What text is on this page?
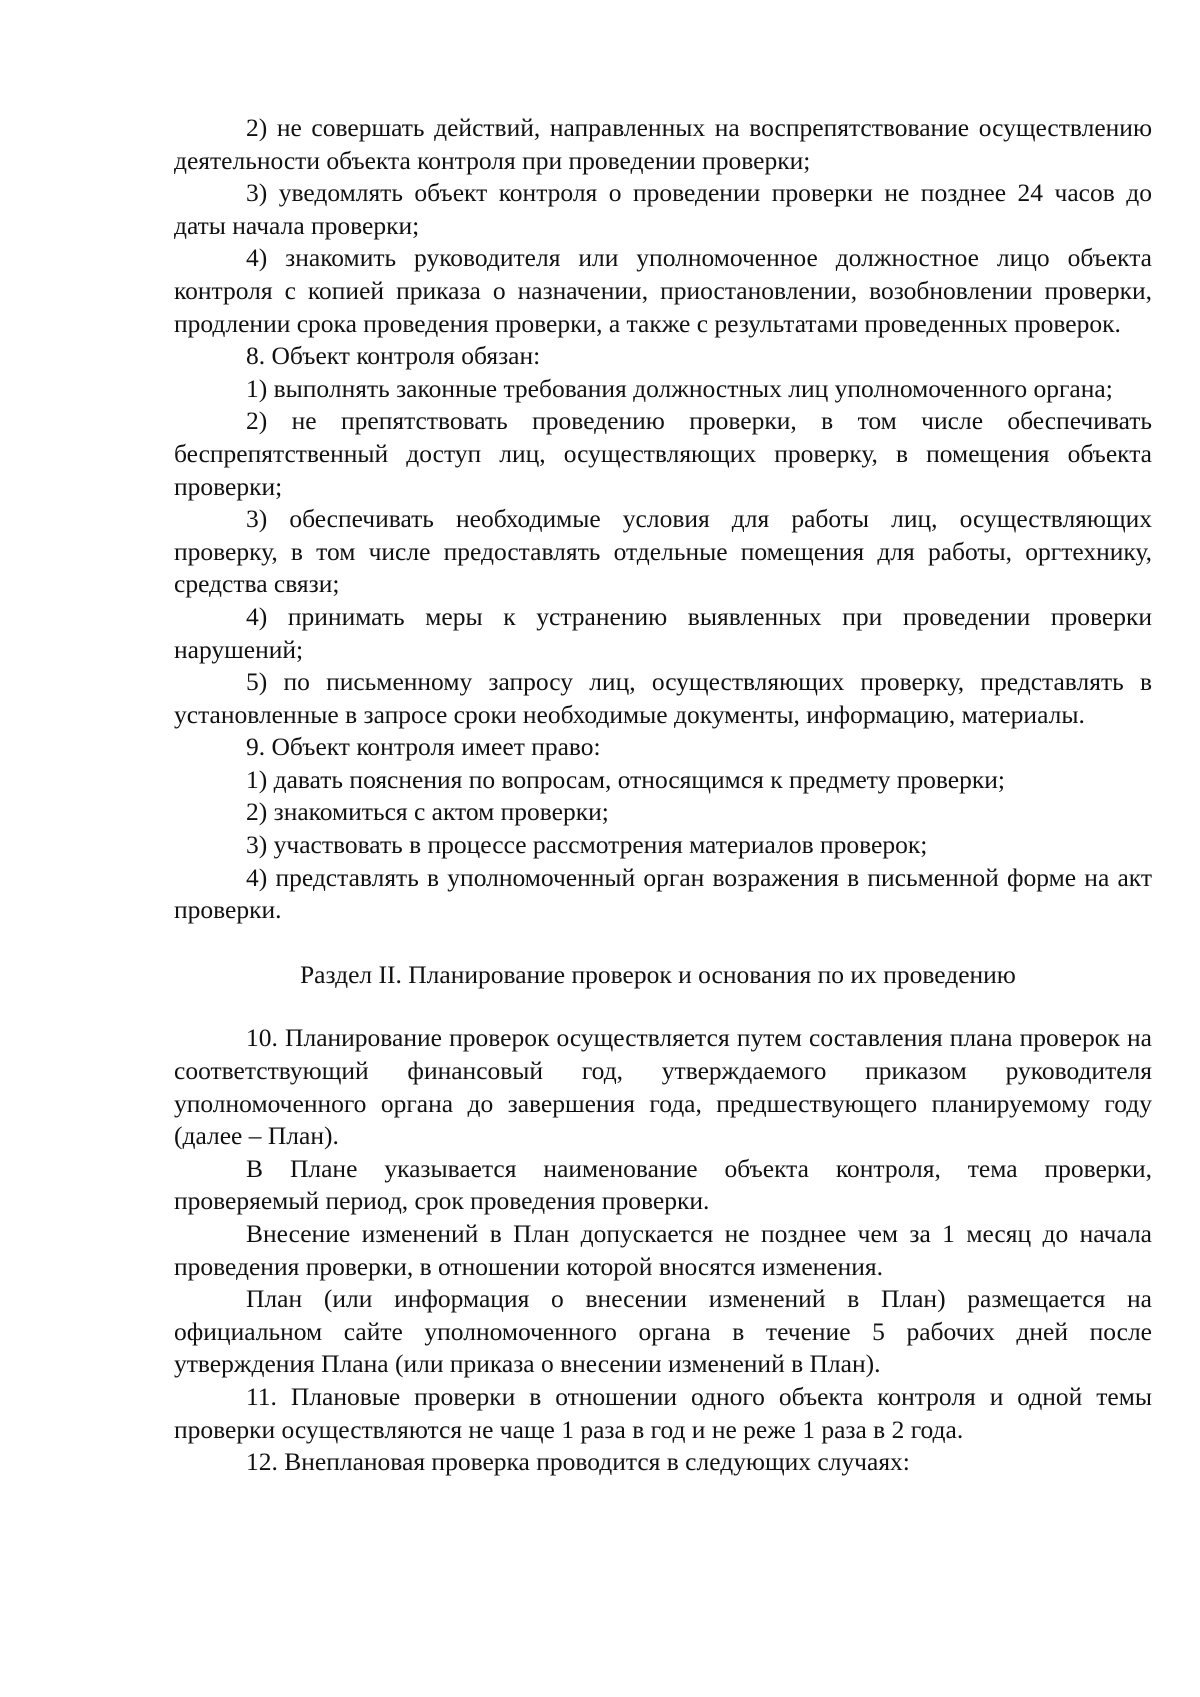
2) не совершать действий, направленных на воспрепятствование осуществлению деятельности объекта контроля при проведении проверки;

3) уведомлять объект контроля о проведении проверки не позднее 24 часов до даты начала проверки;

4) знакомить руководителя или уполномоченное должностное лицо объекта контроля с копией приказа о назначении, приостановлении, возобновлении проверки, продлении срока проведения проверки, а также с результатами проведенных проверок.

8. Объект контроля обязан:

1) выполнять законные требования должностных лиц уполномоченного органа;

2) не препятствовать проведению проверки, в том числе обеспечивать беспрепятственный доступ лиц, осуществляющих проверку, в помещения объекта проверки;

3) обеспечивать необходимые условия для работы лиц, осуществляющих проверку, в том числе предоставлять отдельные помещения для работы, оргтехнику, средства связи;

4) принимать меры к устранению выявленных при проведении проверки нарушений;

5) по письменному запросу лиц, осуществляющих проверку, представлять в установленные в запросе сроки необходимые документы, информацию, материалы.

9. Объект контроля имеет право:

1) давать пояснения по вопросам, относящимся к предмету проверки;

2) знакомиться с актом проверки;

3) участвовать в процессе рассмотрения материалов проверок;

4) представлять в уполномоченный орган возражения в письменной форме на акт проверки.

Раздел II. Планирование проверок и основания по их проведению

10. Планирование проверок осуществляется путем составления плана проверок на соответствующий финансовый год, утверждаемого приказом руководителя уполномоченного органа до завершения года, предшествующего планируемому году (далее – План).

В Плане указывается наименование объекта контроля, тема проверки, проверяемый период, срок проведения проверки.

Внесение изменений в План допускается не позднее чем за 1 месяц до начала проведения проверки, в отношении которой вносятся изменения.

План (или информация о внесении изменений в План) размещается на официальном сайте уполномоченного органа в течение 5 рабочих дней после утверждения Плана (или приказа о внесении изменений в План).

11. Плановые проверки в отношении одного объекта контроля и одной темы проверки осуществляются не чаще 1 раза в год и не реже 1 раза в 2 года.

12. Внеплановая проверка проводится в следующих случаях:
